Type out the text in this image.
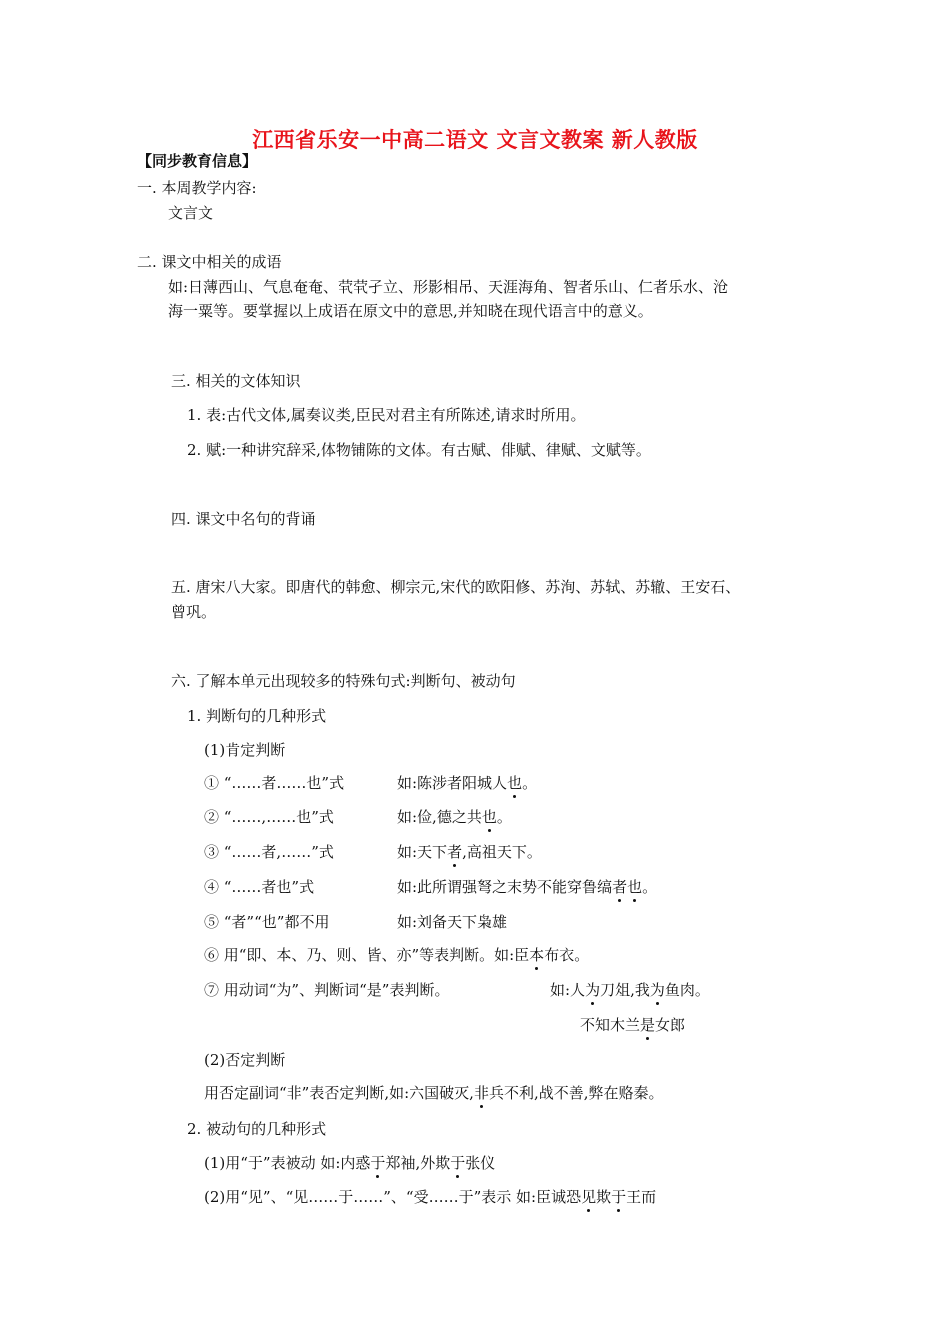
江西省乐安一中高二语文 文言文教案 新人教版
【同步教育信息】
一. 本周教学内容:
文言文
二. 课文中相关的成语
如:日薄西山、气息奄奄、茕茕孑立、形影相吊、天涯海角、智者乐山、仁者乐水、沧
海一粟等。要掌握以上成语在原文中的意思,并知晓在现代语言中的意义。
三. 相关的文体知识
1. 表:古代文体,属奏议类,臣民对君主有所陈述,请求时所用。
2. 赋:一种讲究辞采,体物铺陈的文体。有古赋、俳赋、律赋、文赋等。
四. 课文中名句的背诵
五. 唐宋八大家。即唐代的韩愈、柳宗元,宋代的欧阳修、苏洵、苏轼、苏辙、王安石、
曾巩。
六. 了解本单元出现较多的特殊句式:判断句、被动句
1. 判断句的几种形式
(1)肯定判断
① “……者……也”式	如:陈涉者阳城人也。
② “……,……也”式	如:俭,德之共也。
③ “……者,……”式	如:天下者,高祖天下。
④ “……者也”式	如:此所谓强弩之末势不能穿鲁缟者也。
⑤ “者”“也”都不用	如:刘备天下枭雄
⑥ 用“即、本、乃、则、皆、亦”等表判断。如:臣本布衣。
⑦ 用动词“为”、判断词“是”表判断。	如:人为刀俎,我为鱼肉。
不知木兰是女郎
(2)否定判断
用否定副词“非”表否定判断,如:六国破灭,非兵不利,战不善,弊在赂秦。
2. 被动句的几种形式
(1)用“于”表被动 如:内惑于郑袖,外欺于张仪
(2)用“见”、“见……于……”、“受……于”表示 如:臣诚恐见欺于王而
